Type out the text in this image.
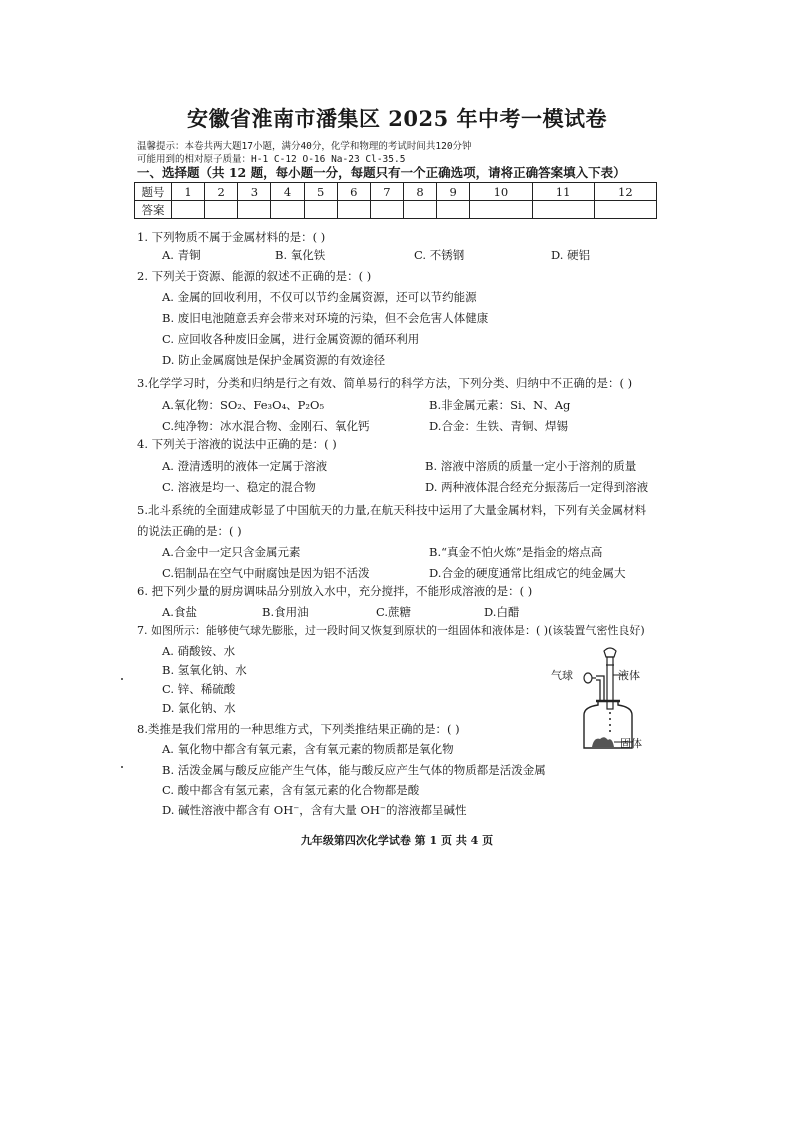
安徽省淮南市潘集区 2025 年中考一模试卷
温馨提示：本卷共两大题17小题，满分40分，化学和物理的考试时间共120分钟
可能用到的相对原子质量：H-1 C-12 O-16 Na-23 Cl-35.5
一、选择题（共 12 题，每小题一分，每题只有一个正确选项，请将正确答案填入下表）
题号	1	2	3	4	5	6	7	8	9	10	11	12
答案												
1. 下列物质不属于金属材料的是：( )
A. 青铜	B. 氧化铁	C. 不锈钢	D. 硬铝
2. 下列关于资源、能源的叙述不正确的是：( )
A. 金属的回收利用，不仅可以节约金属资源，还可以节约能源
B. 废旧电池随意丢弃会带来对环境的污染，但不会危害人体健康
C. 应回收各种废旧金属，进行金属资源的循环利用
D. 防止金属腐蚀是保护金属资源的有效途径
3.化学学习时，分类和归纳是行之有效、简单易行的科学方法，下列分类、归纳中不正确的是：( )
A.氧化物：SO₂、Fe₃O₄、P₂O₅	B.非金属元素：Si、N、Ag
C.纯净物：冰水混合物、金刚石、氧化钙	D.合金：生铁、青铜、焊锡
4. 下列关于溶液的说法中正确的是：( )
A. 澄清透明的液体一定属于溶液	B. 溶液中溶质的质量一定小于溶剂的质量
C. 溶液是均一、稳定的混合物	D. 两种液体混合经充分振荡后一定得到溶液
5.北斗系统的全面建成彰显了中国航天的力量,在航天科技中运用了大量金属材料，下列有关金属材料
的说法正确的是：( )
A.合金中一定只含金属元素	B.“真金不怕火炼”是指金的熔点高
C.铝制品在空气中耐腐蚀是因为铝不活泼	D.合金的硬度通常比组成它的纯金属大
6. 把下列少量的厨房调味品分别放入水中，充分搅拌，不能形成溶液的是：( )
A.食盐	B.食用油	C.蔗糖	D.白醋
7. 如图所示：能够使气球先膨胀，过一段时间又恢复到原状的一组固体和液体是：( )(该装置气密性良好)
A. 硝酸铵、水
B. 氢氧化钠、水
C. 锌、稀硫酸
D. 氯化钠、水
8.类推是我们常用的一种思维方式，下列类推结果正确的是：( )
A. 氧化物中都含有氧元素，含有氧元素的物质都是氧化物
B. 活泼金属与酸反应能产生气体，能与酸反应产生气体的物质都是活泼金属
C. 酸中都含有氢元素，含有氢元素的化合物都是酸
D. 碱性溶液中都含有 OH⁻，含有大量 OH⁻的溶液都呈碱性
气球	液体
固体
九年级第四次化学试卷 第 1 页 共 4 页
